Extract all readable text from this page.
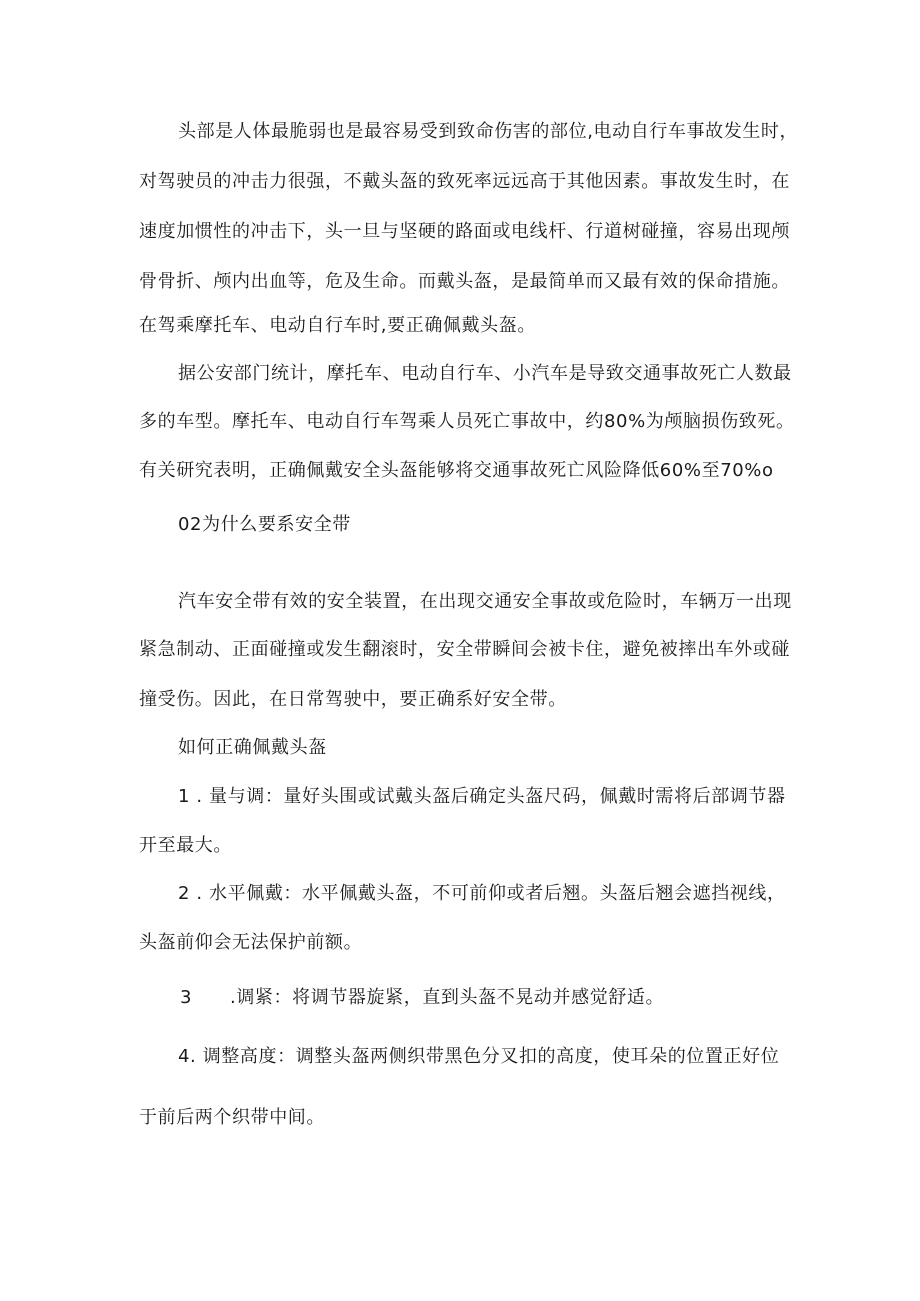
头部是人体最脆弱也是最容易受到致命伤害的部位,电动自行车事故发生时，
对驾驶员的冲击力很强，不戴头盔的致死率远远高于其他因素。事故发生时，在
速度加惯性的冲击下，头一旦与坚硬的路面或电线杆、行道树碰撞，容易出现颅
骨骨折、颅内出血等，危及生命。而戴头盔，是最简单而又最有效的保命措施。
在驾乘摩托车、电动自行车时,要正确佩戴头盔。
据公安部门统计，摩托车、电动自行车、小汽车是导致交通事故死亡人数最
多的车型。摩托车、电动自行车驾乘人员死亡事故中，约80%为颅脑损伤致死。
有关研究表明，正确佩戴安全头盔能够将交通事故死亡风险降低60%至70%o
02为什么要系安全带
汽车安全带有效的安全装置，在出现交通安全事故或危险时，车辆万一出现
紧急制动、正面碰撞或发生翻滚时，安全带瞬间会被卡住，避免被摔出车外或碰
撞受伤。因此，在日常驾驶中，要正确系好安全带。
如何正确佩戴头盔
1 . 量与调：量好头围或试戴头盔后确定头盔尺码，佩戴时需将后部调节器
开至最大。
2 . 水平佩戴：水平佩戴头盔，不可前仰或者后翘。头盔后翘会遮挡视线，
头盔前仰会无法保护前额。
3 .调紧：将调节器旋紧，直到头盔不晃动并感觉舒适。
4. 调整高度：调整头盔两侧织带黑色分叉扣的高度，使耳朵的位置正好位
于前后两个织带中间。
